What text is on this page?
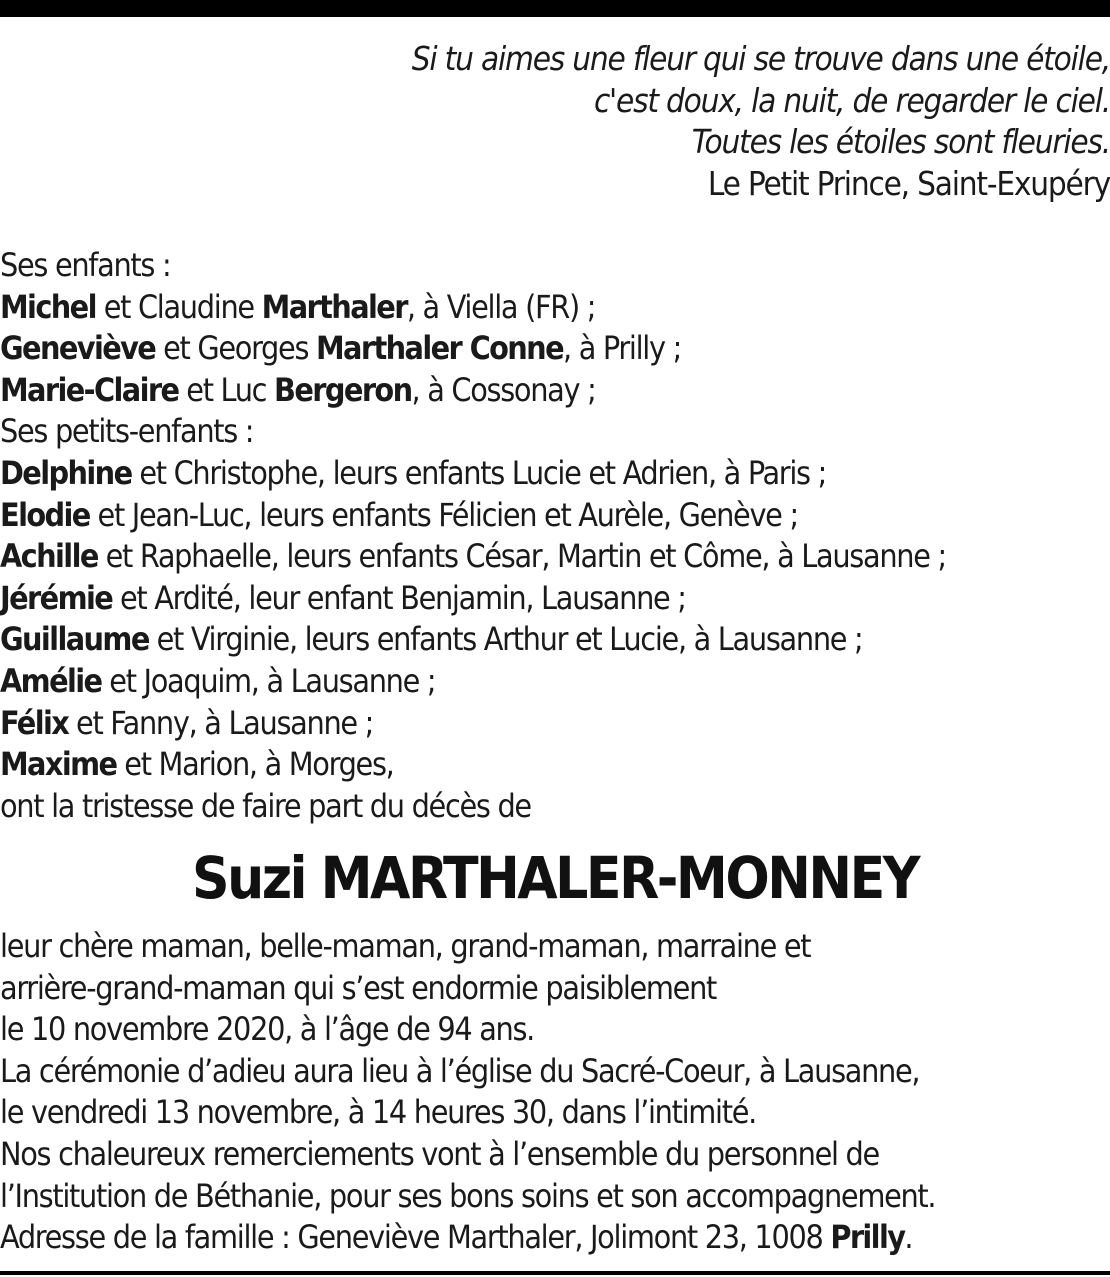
Si tu aimes une fleur qui se trouve dans une étoile,
c'est doux, la nuit, de regarder le ciel.
Toutes les étoiles sont fleuries.
Le Petit Prince, Saint-Exupéry
Ses enfants :
Michel et Claudine Marthaler, à Viella (FR) ;
Geneviève et Georges Marthaler Conne, à Prilly ;
Marie-Claire et Luc Bergeron, à Cossonay ;
Ses petits-enfants :
Delphine et Christophe, leurs enfants Lucie et Adrien, à Paris ;
Elodie et Jean-Luc, leurs enfants Félicien et Aurèle, Genève ;
Achille et Raphaelle, leurs enfants César, Martin et Côme, à Lausanne ;
Jérémie et Ardité, leur enfant Benjamin, Lausanne ;
Guillaume et Virginie, leurs enfants Arthur et Lucie, à Lausanne ;
Amélie et Joaquim, à Lausanne ;
Félix et Fanny, à Lausanne ;
Maxime et Marion, à Morges,
ont la tristesse de faire part du décès de
Suzi MARTHALER-MONNEY
leur chère maman, belle-maman, grand-maman, marraine et
arrière-grand-maman qui s’est endormie paisiblement
le 10 novembre 2020, à l’âge de 94 ans.
La cérémonie d’adieu aura lieu à l’église du Sacré-Coeur, à Lausanne,
le vendredi 13 novembre, à 14 heures 30, dans l’intimité.
Nos chaleureux remerciements vont à l’ensemble du personnel de
l’Institution de Béthanie, pour ses bons soins et son accompagnement.
Adresse de la famille : Geneviève Marthaler, Jolimont 23, 1008 Prilly.
